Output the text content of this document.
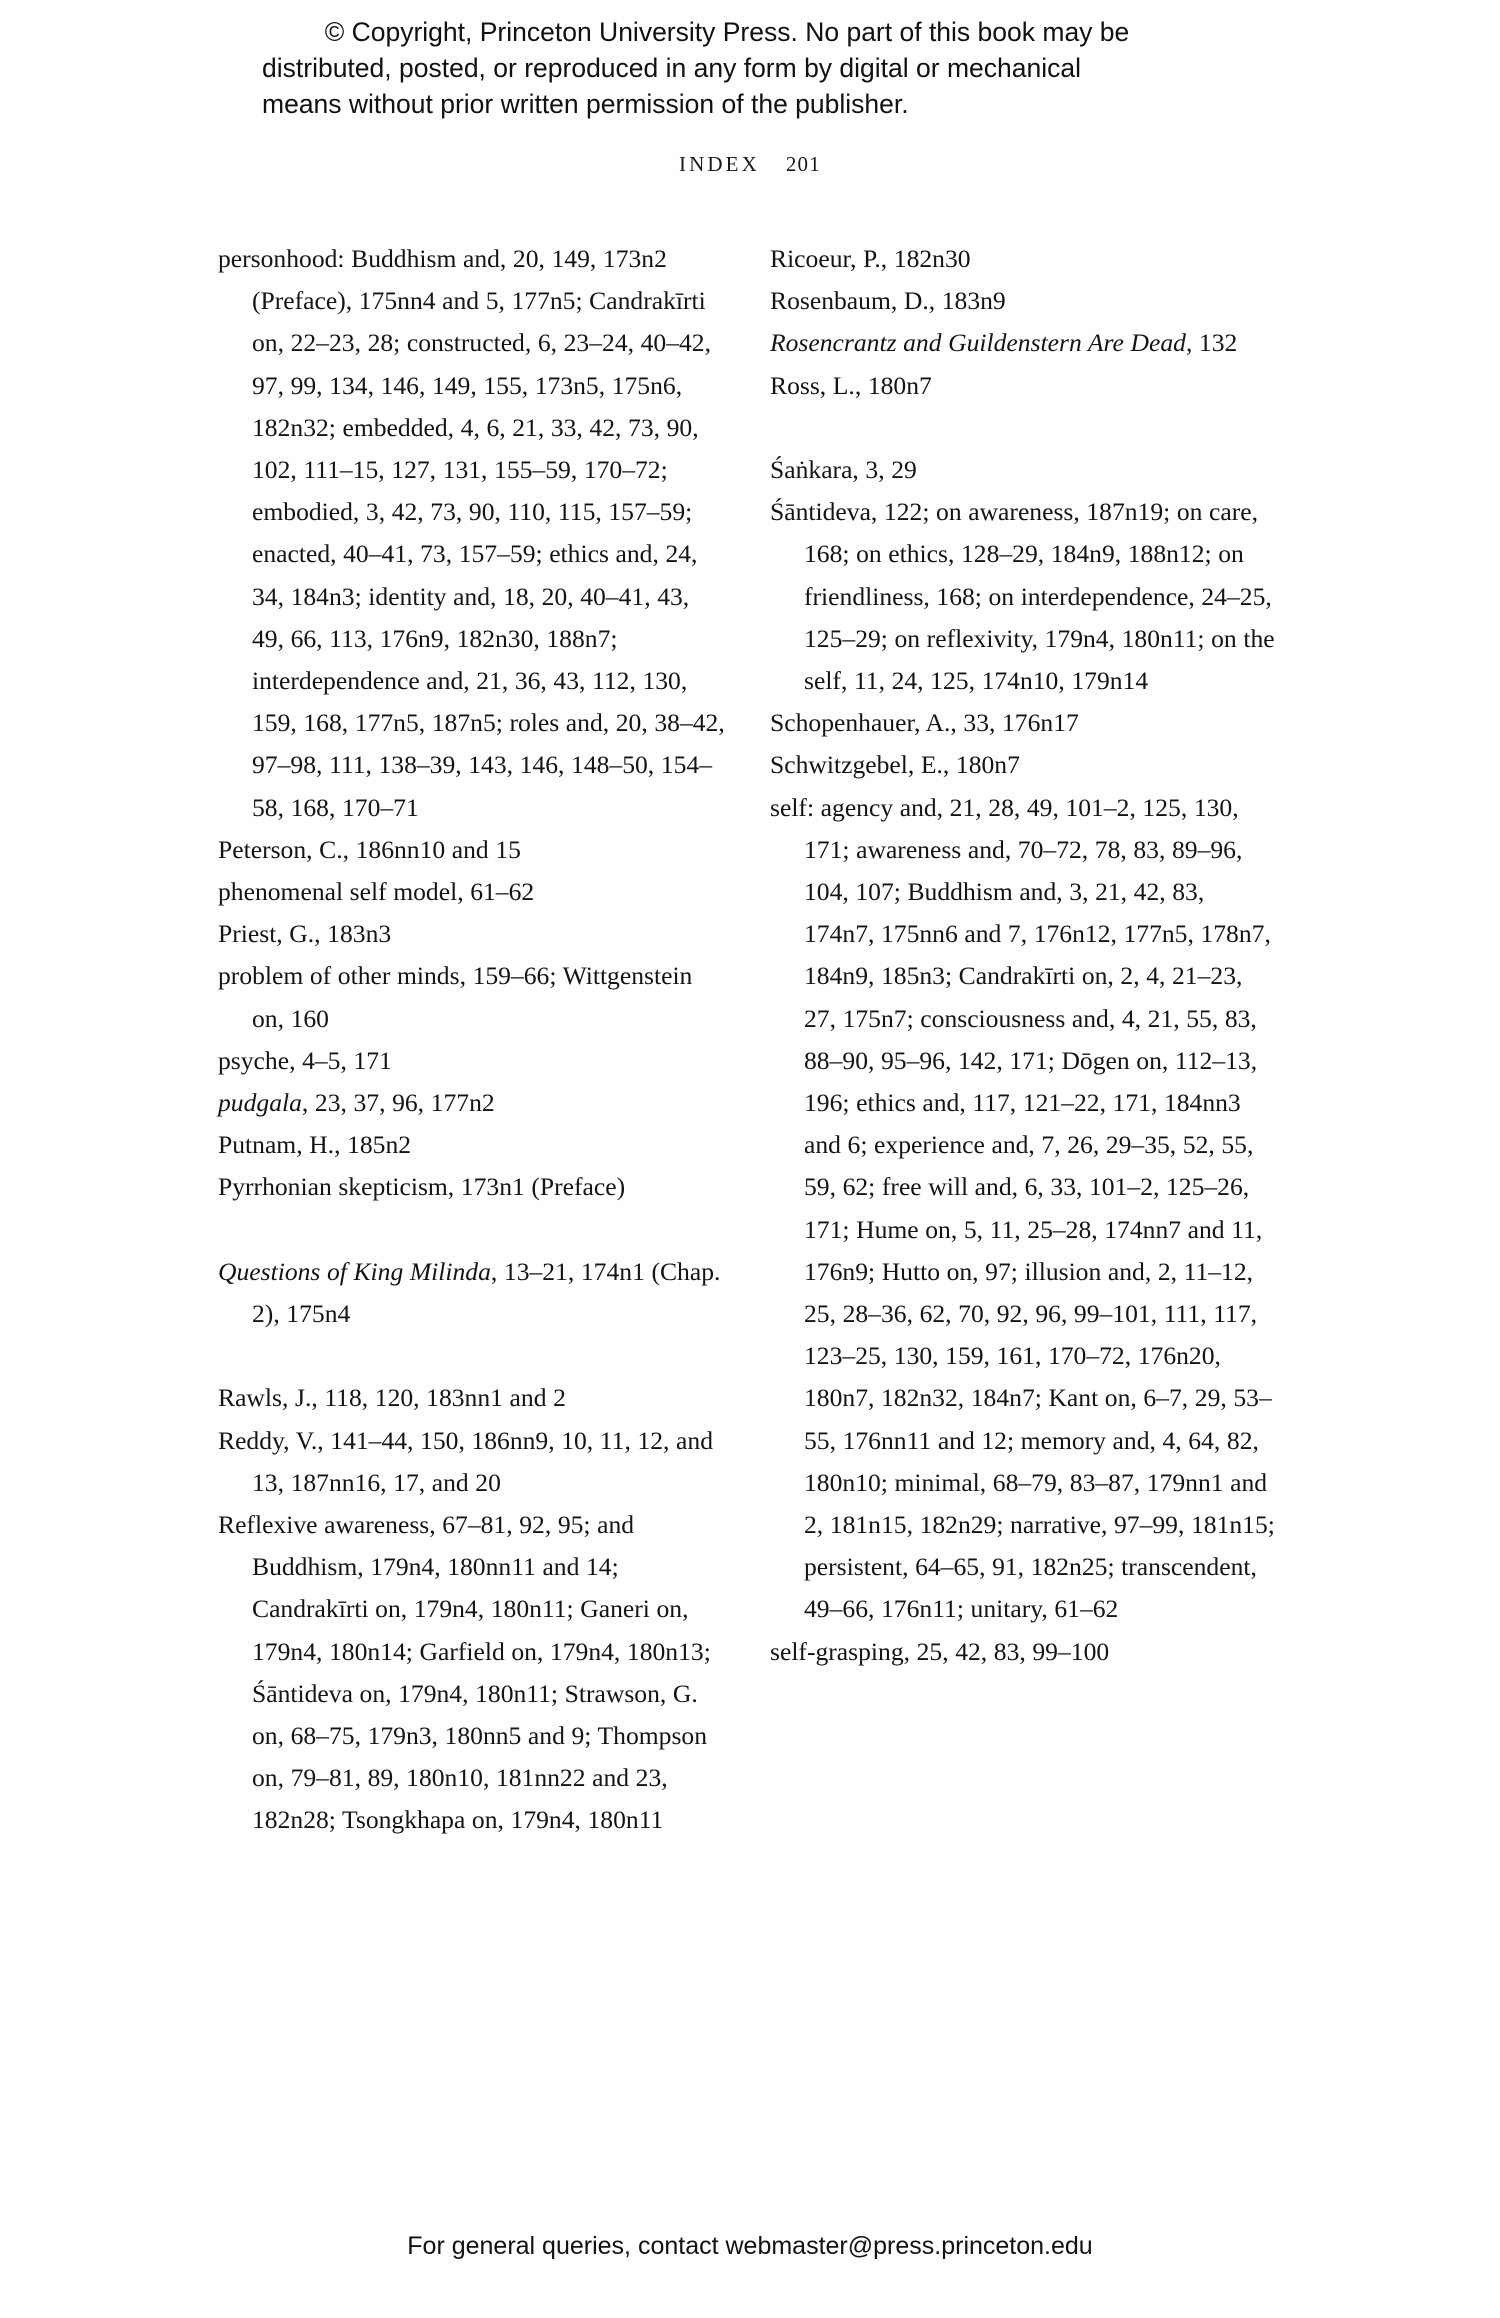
© Copyright, Princeton University Press. No part of this book may be
distributed, posted, or reproduced in any form by digital or mechanical
means without prior written permission of the publisher.
INDEX 201

personhood: Buddhism and, 20, 149, 173n2 (Preface), 175nn4 and 5, 177n5; Candrakīrti on, 22–23, 28; constructed, 6, 23–24, 40–42, 97, 99, 134, 146, 149, 155, 173n5, 175n6, 182n32; embedded, 4, 6, 21, 33, 42, 73, 90, 102, 111–15, 127, 131, 155–59, 170–72; embodied, 3, 42, 73, 90, 110, 115, 157–59; enacted, 40–41, 73, 157–59; ethics and, 24, 34, 184n3; identity and, 18, 20, 40–41, 43, 49, 66, 113, 176n9, 182n30, 188n7; interdependence and, 21, 36, 43, 112, 130, 159, 168, 177n5, 187n5; roles and, 20, 38–42, 97–98, 111, 138–39, 143, 146, 148–50, 154–58, 168, 170–71

Peterson, C., 186nn10 and 15

phenomenal self model, 61–62

Priest, G., 183n3

problem of other minds, 159–66; Wittgenstein on, 160

psyche, 4–5, 171

pudgala, 23, 37, 96, 177n2

Putnam, H., 185n2

Pyrrhonian skepticism, 173n1 (Preface)

Questions of King Milinda, 13–21, 174n1 (Chap. 2), 175n4

Rawls, J., 118, 120, 183nn1 and 2

Reddy, V., 141–44, 150, 186nn9, 10, 11, 12, and 13, 187nn16, 17, and 20

Reflexive awareness, 67–81, 92, 95; and Buddhism, 179n4, 180nn11 and 14; Candrakīrti on, 179n4, 180n11; Ganeri on, 179n4, 180n14; Garfield on, 179n4, 180n13; Śāntideva on, 179n4, 180n11; Strawson, G. on, 68–75, 179n3, 180nn5 and 9; Thompson on, 79–81, 89, 180n10, 181nn22 and 23, 182n28; Tsongkhapa on, 179n4, 180n11

Ricoeur, P., 182n30

Rosenbaum, D., 183n9

Rosencrantz and Guildenstern Are Dead, 132

Ross, L., 180n7

Śaṅkara, 3, 29

Śāntideva, 122; on awareness, 187n19; on care, 168; on ethics, 128–29, 184n9, 188n12; on friendliness, 168; on interdependence, 24–25, 125–29; on reflexivity, 179n4, 180n11; on the self, 11, 24, 125, 174n10, 179n14

Schopenhauer, A., 33, 176n17

Schwitzgebel, E., 180n7

self: agency and, 21, 28, 49, 101–2, 125, 130, 171; awareness and, 70–72, 78, 83, 89–96, 104, 107; Buddhism and, 3, 21, 42, 83, 174n7, 175nn6 and 7, 176n12, 177n5, 178n7, 184n9, 185n3; Candrakīrti on, 2, 4, 21–23, 27, 175n7; consciousness and, 4, 21, 55, 83, 88–90, 95–96, 142, 171; Dōgen on, 112–13, 196; ethics and, 117, 121–22, 171, 184nn3 and 6; experience and, 7, 26, 29–35, 52, 55, 59, 62; free will and, 6, 33, 101–2, 125–26, 171; Hume on, 5, 11, 25–28, 174nn7 and 11, 176n9; Hutto on, 97; illusion and, 2, 11–12, 25, 28–36, 62, 70, 92, 96, 99–101, 111, 117, 123–25, 130, 159, 161, 170–72, 176n20, 180n7, 182n32, 184n7; Kant on, 6–7, 29, 53–55, 176nn11 and 12; memory and, 4, 64, 82, 180n10; minimal, 68–79, 83–87, 179nn1 and 2, 181n15, 182n29; narrative, 97–99, 181n15; persistent, 64–65, 91, 182n25; transcendent, 49–66, 176n11; unitary, 61–62

self-grasping, 25, 42, 83, 99–100

For general queries, contact webmaster@press.princeton.edu
